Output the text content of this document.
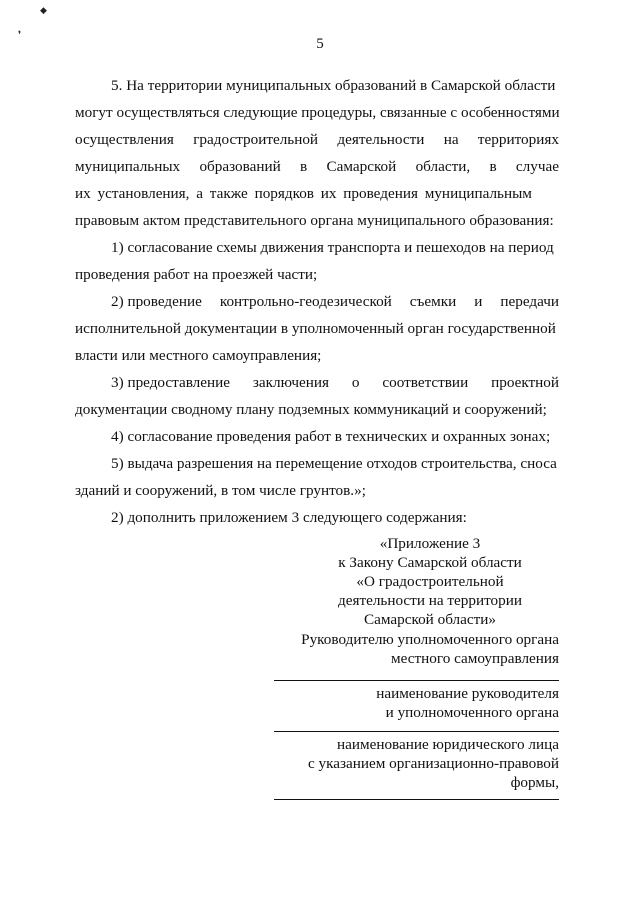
◆
❜
5
5. На территории муниципальных образований в Самарской области
могут осуществляться следующие процедуры, связанные с особенностями
осуществления градостроительной деятельности на территориях
муниципальных образований в Самарской области, в случае
их установления, а также порядков их проведения муниципальным
правовым актом представительного органа муниципального образования:
1) согласование схемы движения транспорта и пешеходов на период
проведения работ на проезжей части;
2) проведение контрольно-геодезической съемки и передачи
исполнительной документации в уполномоченный орган государственной
власти или местного самоуправления;
3) предоставление заключения о соответствии проектной
документации сводному плану подземных коммуникаций и сооружений;
4) согласование проведения работ в технических и охранных зонах;
5) выдача разрешения на перемещение отходов строительства, сноса
зданий и сооружений, в том числе грунтов.»;
2) дополнить приложением 3 следующего содержания:
«Приложение 3
к Закону Самарской области
«О градостроительной
деятельности на территории
Самарской области»
Руководителю уполномоченного органа
местного самоуправления
наименование руководителя
и уполномоченного органа
наименование юридического лица
с указанием организационно-правовой
формы,
